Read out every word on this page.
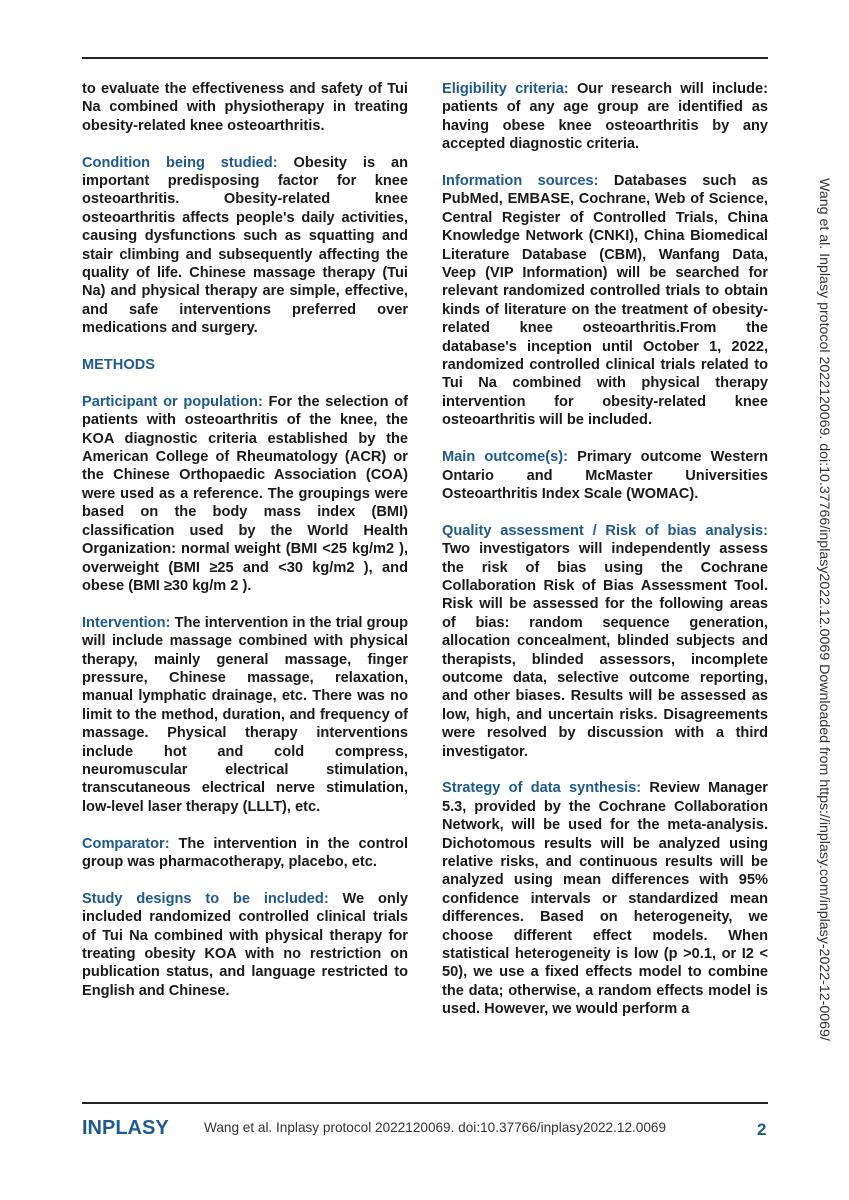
to evaluate the effectiveness and safety of Tui Na combined with physiotherapy in treating obesity-related knee osteoarthritis.

Condition being studied: Obesity is an important predisposing factor for knee osteoarthritis. Obesity-related knee osteoarthritis affects people's daily activities, causing dysfunctions such as squatting and stair climbing and subsequently affecting the quality of life. Chinese massage therapy (Tui Na) and physical therapy are simple, effective, and safe interventions preferred over medications and surgery.

METHODS

Participant or population: For the selection of patients with osteoarthritis of the knee, the KOA diagnostic criteria established by the American College of Rheumatology (ACR) or the Chinese Orthopaedic Association (COA) were used as a reference. The groupings were based on the body mass index (BMI) classification used by the World Health Organization: normal weight (BMI <25 kg/m2 ), overweight (BMI ≥25 and <30 kg/m2 ), and obese (BMI ≥30 kg/m 2 ).

Intervention: The intervention in the trial group will include massage combined with physical therapy, mainly general massage, finger pressure, Chinese massage, relaxation, manual lymphatic drainage, etc. There was no limit to the method, duration, and frequency of massage. Physical therapy interventions include hot and cold compress, neuromuscular electrical stimulation, transcutaneous electrical nerve stimulation, low-level laser therapy (LLLT), etc.

Comparator: The intervention in the control group was pharmacotherapy, placebo, etc.

Study designs to be included: We only included randomized controlled clinical trials of Tui Na combined with physical therapy for treating obesity KOA with no restriction on publication status, and language restricted to English and Chinese.

Eligibility criteria: Our research will include: patients of any age group are identified as having obese knee osteoarthritis by any accepted diagnostic criteria.

Information sources: Databases such as PubMed, EMBASE, Cochrane, Web of Science, Central Register of Controlled Trials, China Knowledge Network (CNKI), China Biomedical Literature Database (CBM), Wanfang Data, Veep (VIP Information) will be searched for relevant randomized controlled trials to obtain kinds of literature on the treatment of obesity-related knee osteoarthritis.From the database's inception until October 1, 2022, randomized controlled clinical trials related to Tui Na combined with physical therapy intervention for obesity-related knee osteoarthritis will be included.

Main outcome(s): Primary outcome Western Ontario and McMaster Universities Osteoarthritis Index Scale (WOMAC).

Quality assessment / Risk of bias analysis: Two investigators will independently assess the risk of bias using the Cochrane Collaboration Risk of Bias Assessment Tool. Risk will be assessed for the following areas of bias: random sequence generation, allocation concealment, blinded subjects and therapists, blinded assessors, incomplete outcome data, selective outcome reporting, and other biases. Results will be assessed as low, high, and uncertain risks. Disagreements were resolved by discussion with a third investigator.

Strategy of data synthesis: Review Manager 5.3, provided by the Cochrane Collaboration Network, will be used for the meta-analysis. Dichotomous results will be analyzed using relative risks, and continuous results will be analyzed using mean differences with 95% confidence intervals or standardized mean differences. Based on heterogeneity, we choose different effect models. When statistical heterogeneity is low (p >0.1, or I2 < 50), we use a fixed effects model to combine the data; otherwise, a random effects model is used. However, we would perform a	Wang et al. Inplasy protocol 2022120069. doi:10.37766/inplasy2022.12.0069 Downloaded from https://inplasy.com/inplasy-2022-12-0069/
INPLASY	Wang et al. Inplasy protocol 2022120069. doi:10.37766/inplasy2022.12.0069	2
